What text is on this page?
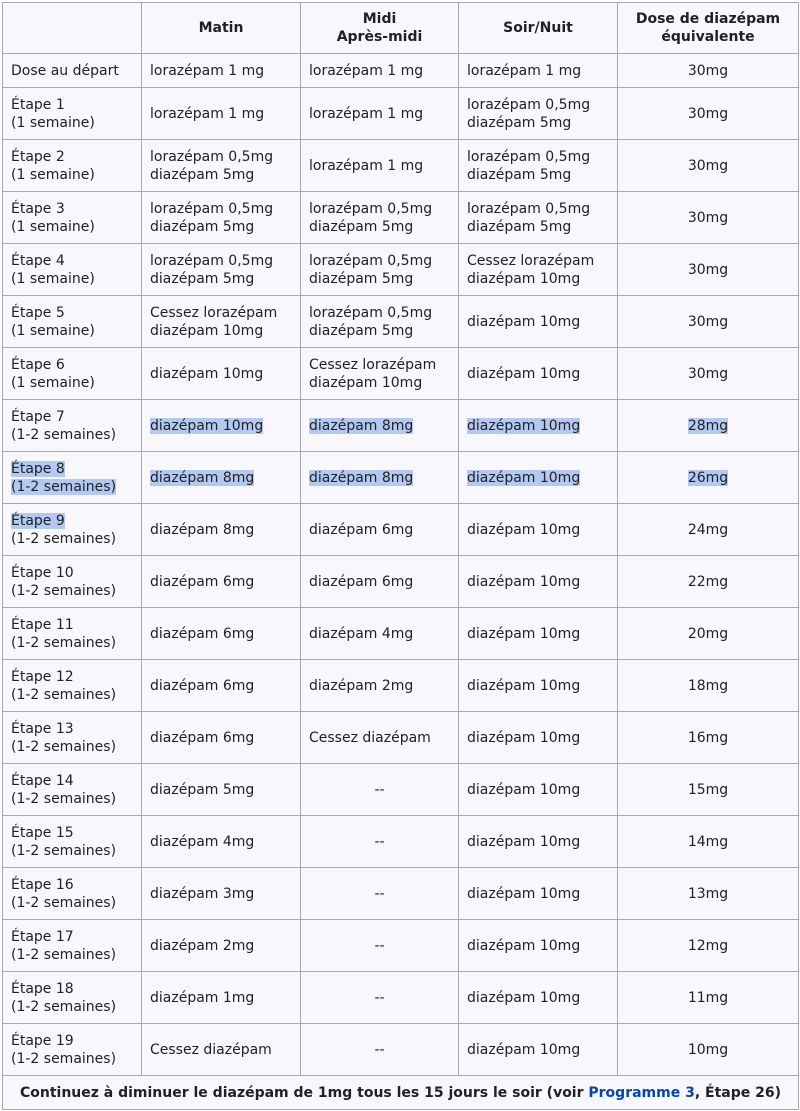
	Matin	Midi
Après-midi	Soir/Nuit	Dose de diazépam
équivalente

Dose au départ	lorazépam 1 mg	lorazépam 1 mg	lorazépam 1 mg	30mg

Étape 1
(1 semaine)	lorazépam 1 mg	lorazépam 1 mg	lorazépam 0,5mg
diazépam 5mg	30mg

Étape 2
(1 semaine)	lorazépam 0,5mg
diazépam 5mg	lorazépam 1 mg	lorazépam 0,5mg
diazépam 5mg	30mg

Étape 3
(1 semaine)	lorazépam 0,5mg
diazépam 5mg	lorazépam 0,5mg
diazépam 5mg	lorazépam 0,5mg
diazépam 5mg	30mg

Étape 4
(1 semaine)	lorazépam 0,5mg
diazépam 5mg	lorazépam 0,5mg
diazépam 5mg	Cessez lorazépam
diazépam 10mg	30mg

Étape 5
(1 semaine)	Cessez lorazépam
diazépam 10mg	lorazépam 0,5mg
diazépam 5mg	diazépam 10mg	30mg

Étape 6
(1 semaine)	diazépam 10mg	Cessez lorazépam
diazépam 10mg	diazépam 10mg	30mg

Étape 7
(1-2 semaines)	diazépam 10mg	diazépam 8mg	diazépam 10mg	28mg

Étape 8
(1-2 semaines)	diazépam 8mg	diazépam 8mg	diazépam 10mg	26mg

Étape 9
(1-2 semaines)	diazépam 8mg	diazépam 6mg	diazépam 10mg	24mg

Étape 10
(1-2 semaines)	diazépam 6mg	diazépam 6mg	diazépam 10mg	22mg

Étape 11
(1-2 semaines)	diazépam 6mg	diazépam 4mg	diazépam 10mg	20mg

Étape 12
(1-2 semaines)	diazépam 6mg	diazépam 2mg	diazépam 10mg	18mg

Étape 13
(1-2 semaines)	diazépam 6mg	Cessez diazépam	diazépam 10mg	16mg

Étape 14
(1-2 semaines)	diazépam 5mg	--	diazépam 10mg	15mg

Étape 15
(1-2 semaines)	diazépam 4mg	--	diazépam 10mg	14mg

Étape 16
(1-2 semaines)	diazépam 3mg	--	diazépam 10mg	13mg

Étape 17
(1-2 semaines)	diazépam 2mg	--	diazépam 10mg	12mg

Étape 18
(1-2 semaines)	diazépam 1mg	--	diazépam 10mg	11mg

Étape 19
(1-2 semaines)	Cessez diazépam	--	diazépam 10mg	10mg

Continuez à diminuer le diazépam de 1mg tous les 15 jours le soir (voir Programme 3, Étape 26)				
